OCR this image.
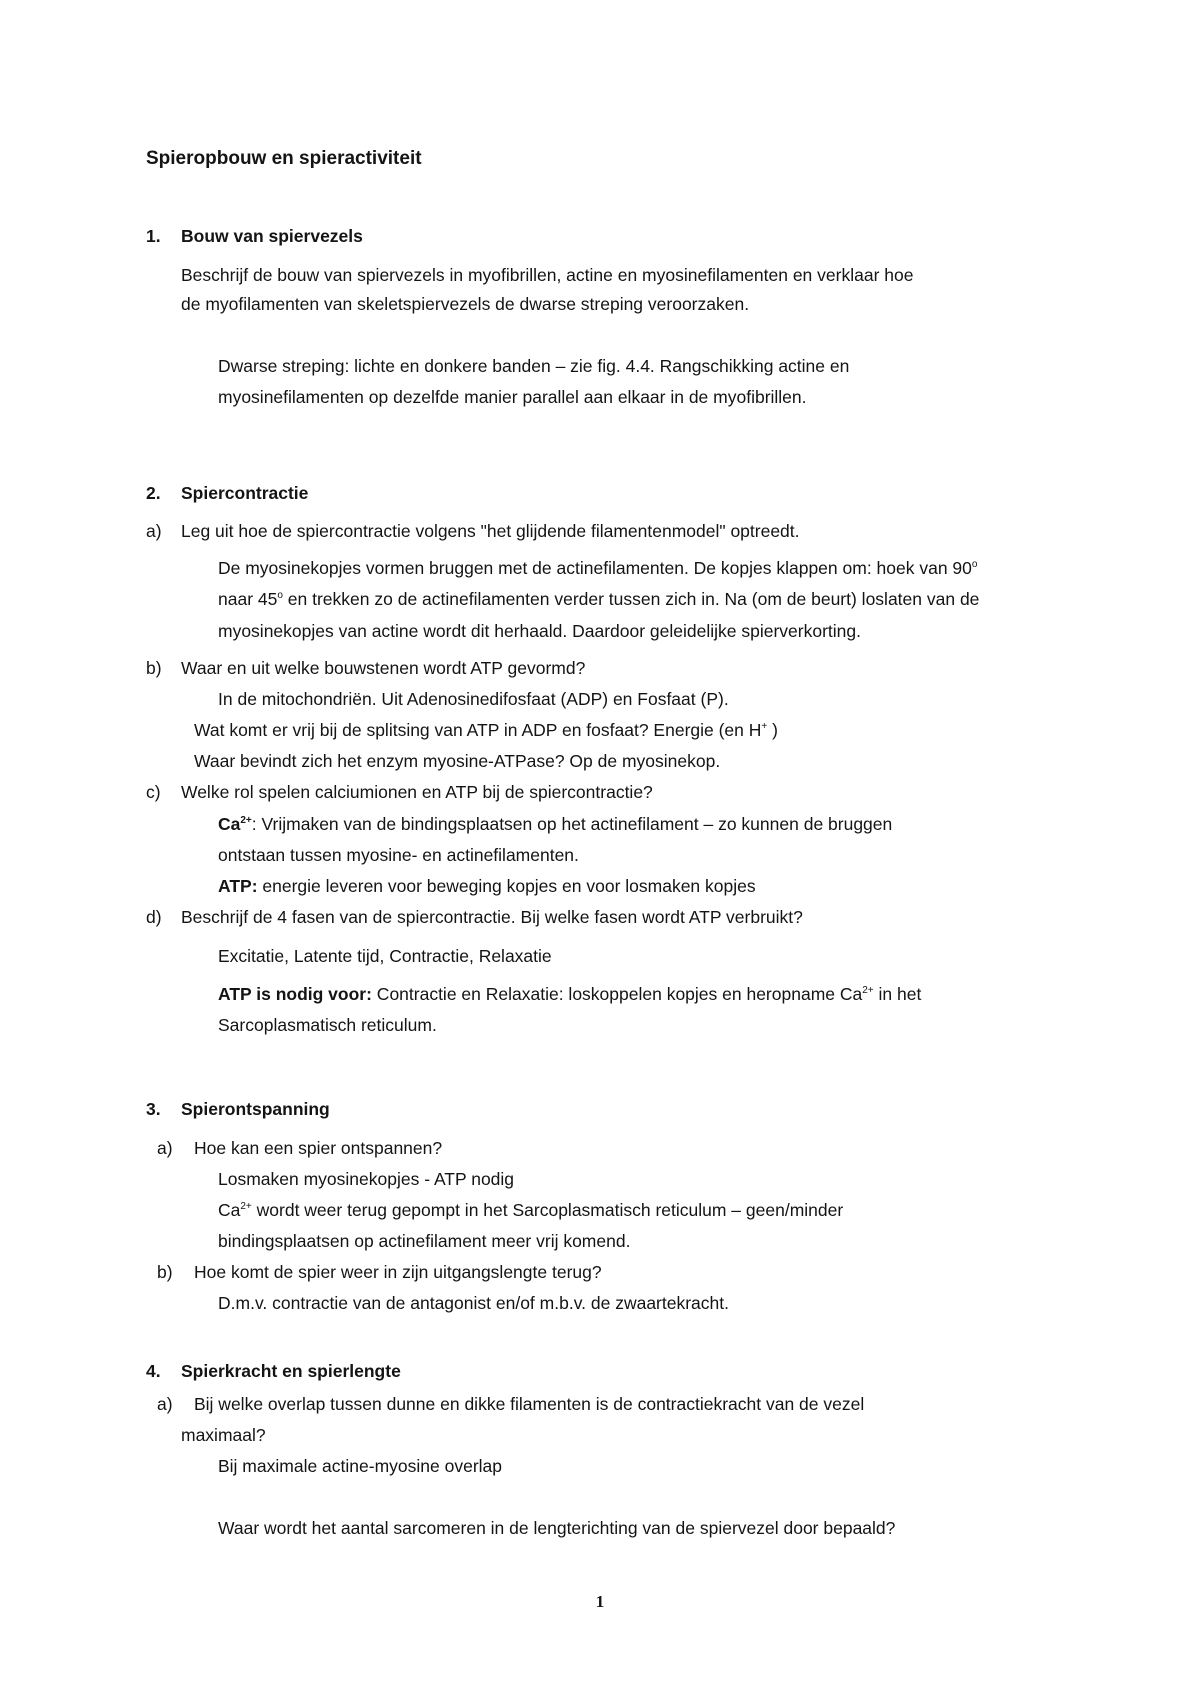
Spieropbouw en spieractiviteit
1. Bouw van spiervezels
Beschrijf de bouw van spiervezels in myofibrillen, actine en myosinefilamenten en verklaar hoe
de myofilamenten van skeletspiervezels de dwarse streping veroorzaken.
Dwarse streping: lichte en donkere banden – zie fig. 4.4. Rangschikking actine en
myosinefilamenten op dezelfde manier parallel aan elkaar in de myofibrillen.
2. Spiercontractie
a) Leg uit hoe de spiercontractie volgens "het glijdende filamentenmodel" optreedt.
De myosinekopjes vormen bruggen met de actinefilamenten. De kopjes klappen om: hoek van 90$^o$
naar 45$^o$ en trekken zo de actinefilamenten verder tussen zich in. Na (om de beurt) loslaten van de
myosinekopjes van actine wordt dit herhaald. Daardoor geleidelijke spierverkorting.
b) Waar en uit welke bouwstenen wordt ATP gevormd?
In de mitochondriën. Uit Adenosinedifosfaat (ADP) en Fosfaat (P).
Wat komt er vrij bij de splitsing van ATP in ADP en fosfaat? Energie (en H+ )
Waar bevindt zich het enzym myosine-ATPase? Op de myosinekop.
c) Welke rol spelen calciumionen en ATP bij de spiercontractie?
$Ca^{2+}$: Vrijmaken van de bindingsplaatsen op het actinefilament – zo kunnen de bruggen
ontstaan tussen myosine- en actinefilamenten.
ATP: energie leveren voor beweging kopjes en voor losmaken kopjes
d) Beschrijf de 4 fasen van de spiercontractie. Bij welke fasen wordt ATP verbruikt?
Excitatie, Latente tijd, Contractie, Relaxatie
ATP is nodig voor: Contractie en Relaxatie: loskoppelen kopjes en heropname $Ca^{2+}$ in het
Sarcoplasmatisch reticulum.
3. Spierontspanning
a) Hoe kan een spier ontspannen?
Losmaken myosinekopjes - ATP nodig
$Ca^{2+}$ wordt weer terug gepompt in het Sarcoplasmatisch reticulum – geen/minder
bindingsplaatsen op actinefilament meer vrij komend.
b) Hoe komt de spier weer in zijn uitgangslengte terug?
D.m.v. contractie van de antagonist en/of m.b.v. de zwaartekracht.
4. Spierkracht en spierlengte
a) Bij welke overlap tussen dunne en dikke filamenten is de contractiekracht van de vezel
maximaal?
Bij maximale actine-myosine overlap
Waar wordt het aantal sarcomeren in de lengterichting van de spiervezel door bepaald?
1
